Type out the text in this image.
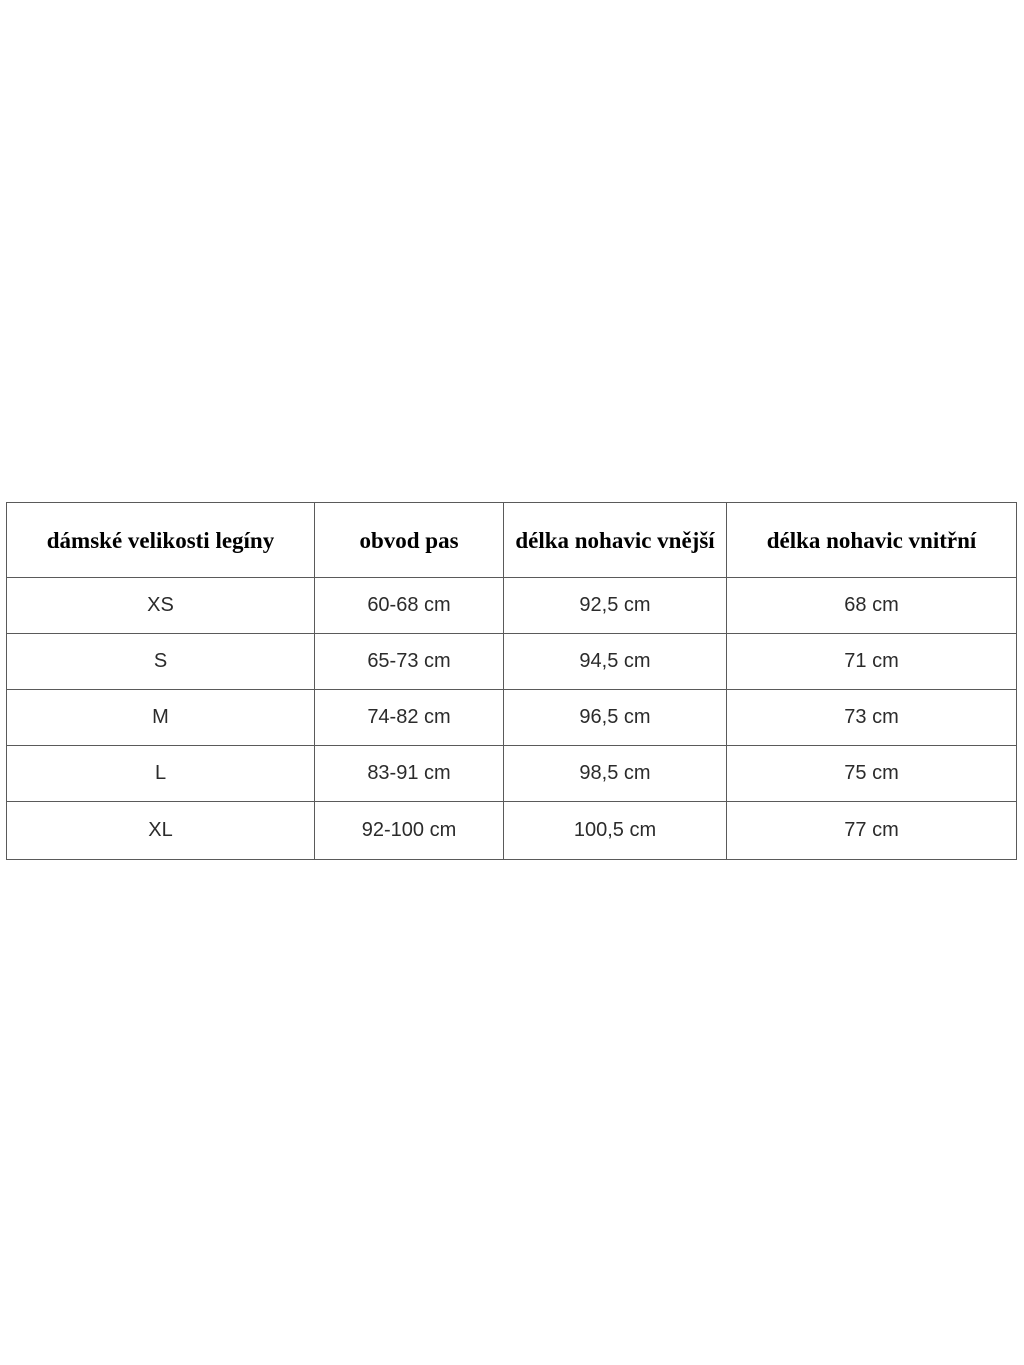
dámské velikosti legíny	obvod pas	délka nohavic vnější	délka nohavic vnitřní
XS	60-68 cm	92,5 cm	68 cm
S	65-73 cm	94,5 cm	71 cm
M	74-82 cm	96,5 cm	73 cm
L	83-91 cm	98,5 cm	75 cm
XL	92-100 cm	100,5 cm	77 cm
